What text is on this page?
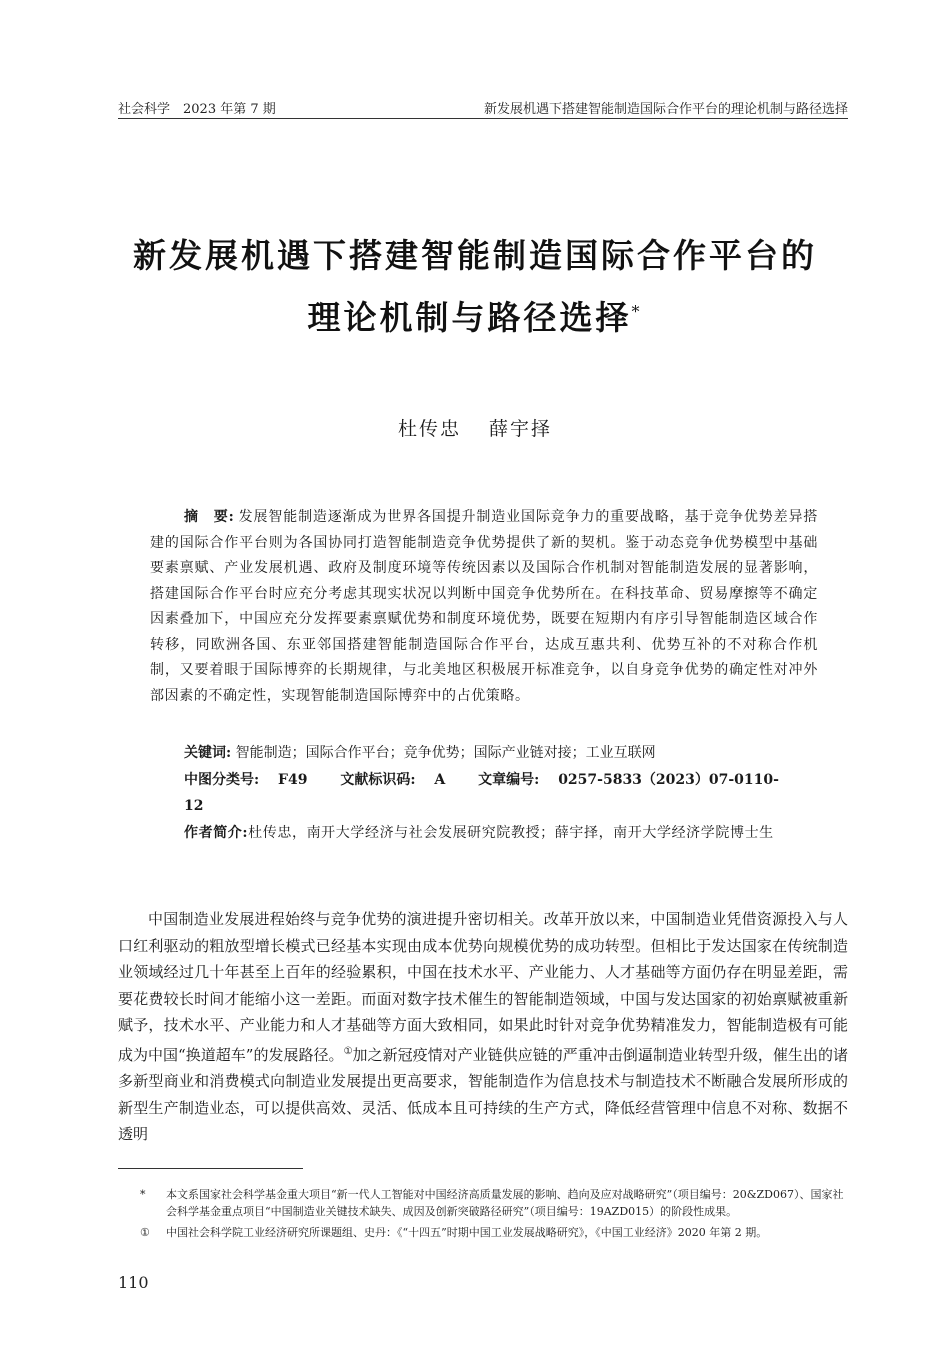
社会科学　2023 年第 7 期	新发展机遇下搭建智能制造国际合作平台的理论机制与路径选择
新发展机遇下搭建智能制造国际合作平台的
理论机制与路径选择*
杜传忠 薛宇择

摘　要: 发展智能制造逐渐成为世界各国提升制造业国际竞争力的重要战略，基于竞争优势差异搭建的国际合作平台则为各国协同打造智能制造竞争优势提供了新的契机。鉴于动态竞争优势模型中基础要素禀赋、产业发展机遇、政府及制度环境等传统因素以及国际合作机制对智能制造发展的显著影响，搭建国际合作平台时应充分考虑其现实状况以判断中国竞争优势所在。在科技革命、贸易摩擦等不确定因素叠加下，中国应充分发挥要素禀赋优势和制度环境优势，既要在短期内有序引导智能制造区域合作转移，同欧洲各国、东亚邻国搭建智能制造国际合作平台，达成互惠共利、优势互补的不对称合作机制，又要着眼于国际博弈的长期规律，与北美地区积极展开标准竞争，以自身竞争优势的确定性对冲外部因素的不确定性，实现智能制造国际博弈中的占优策略。

关键词: 智能制造；国际合作平台；竞争优势；国际产业链对接；工业互联网
中图分类号: F49 文献标识码: A 文章编号: 0257-5833（2023）07-0110-12

作者简介:杜传忠，南开大学经济与社会发展研究院教授；薛宇择，南开大学经济学院博士生

中国制造业发展进程始终与竞争优势的演进提升密切相关。改革开放以来，中国制造业凭借资源投入与人口红利驱动的粗放型增长模式已经基本实现由成本优势向规模优势的成功转型。但相比于发达国家在传统制造业领域经过几十年甚至上百年的经验累积，中国在技术水平、产业能力、人才基础等方面仍存在明显差距，需要花费较长时间才能缩小这一差距。而面对数字技术催生的智能制造领域，中国与发达国家的初始禀赋被重新赋予，技术水平、产业能力和人才基础等方面大致相同，如果此时针对竞争优势精准发力，智能制造极有可能成为中国“换道超车”的发展路径。①加之新冠疫情对产业链供应链的严重冲击倒逼制造业转型升级，催生出的诸多新型商业和消费模式向制造业发展提出更高要求，智能制造作为信息技术与制造技术不断融合发展所形成的新型生产制造业态，可以提供高效、灵活、低成本且可持续的生产方式，降低经营管理中信息不对称、数据不透明

*	本文系国家社会科学基金重大项目“新一代人工智能对中国经济高质量发展的影响、趋向及应对战略研究”（项目编号：20&ZD067）、国家社会科学基金重点项目“中国制造业关键技术缺失、成因及创新突破路径研究”（项目编号：19AZD015）的阶段性成果。
①	中国社会科学院工业经济研究所课题组、史丹：《“十四五”时期中国工业发展战略研究》，《中国工业经济》2020 年第 2 期。
110
